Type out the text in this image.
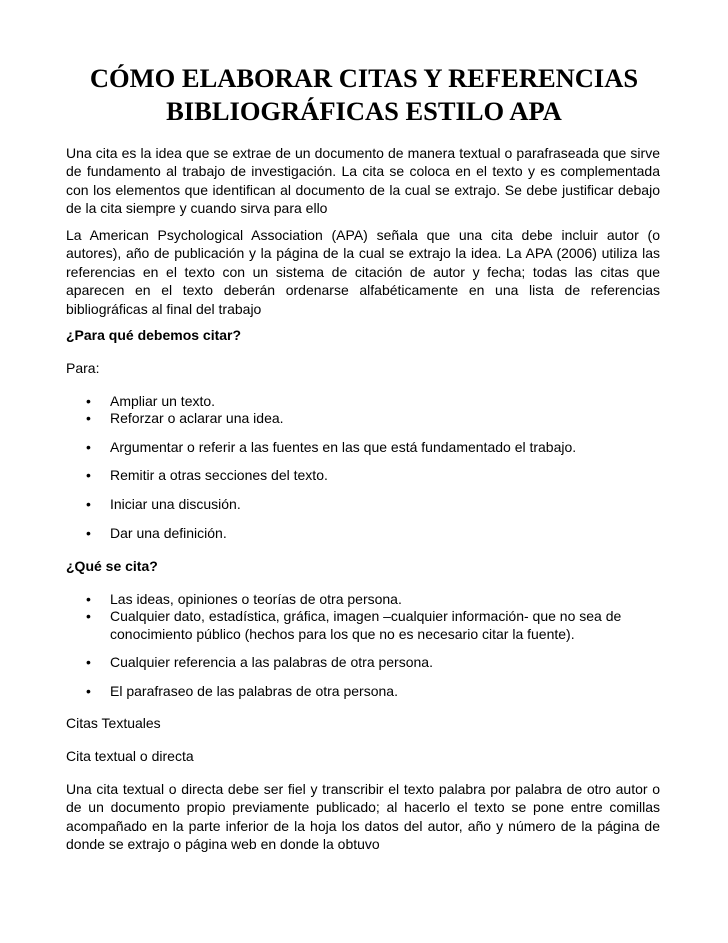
CÓMO ELABORAR CITAS Y REFERENCIAS
BIBLIOGRÁFICAS ESTILO APA

Una cita es la idea que se extrae de un documento de manera textual o parafraseada que sirve de fundamento al trabajo de investigación. La cita se coloca en el texto y es complementada con los elementos que identifican al documento de la cual se extrajo. Se debe justificar debajo de la cita siempre y cuando sirva para ello

La American Psychological Association (APA) señala que una cita debe incluir autor (o autores), año de publicación y la página de la cual se extrajo la idea. La APA (2006) utiliza las referencias en el texto con un sistema de citación de autor y fecha; todas las citas que aparecen en el texto deberán ordenarse alfabéticamente en una lista de referencias bibliográficas al final del trabajo

¿Para qué debemos citar?

Para:

•	Ampliar un texto.
•	Reforzar o aclarar una idea.
•	Argumentar o referir a las fuentes en las que está fundamentado el trabajo.
•	Remitir a otras secciones del texto.
•	Iniciar una discusión.
•	Dar una definición.

¿Qué se cita?

•	Las ideas, opiniones o teorías de otra persona.
•	Cualquier dato, estadística, gráfica, imagen –cualquier información- que no sea de conocimiento público (hechos para los que no es necesario citar la fuente).
•	Cualquier referencia a las palabras de otra persona.
•	El parafraseo de las palabras de otra persona.

Citas Textuales

Cita textual o directa

Una cita textual o directa debe ser fiel y transcribir el texto palabra por palabra de otro autor o de un documento propio previamente publicado; al hacerlo el texto se pone entre comillas acompañado en la parte inferior de la hoja los datos del autor, año y número de la página de donde se extrajo o página web en donde la obtuvo
